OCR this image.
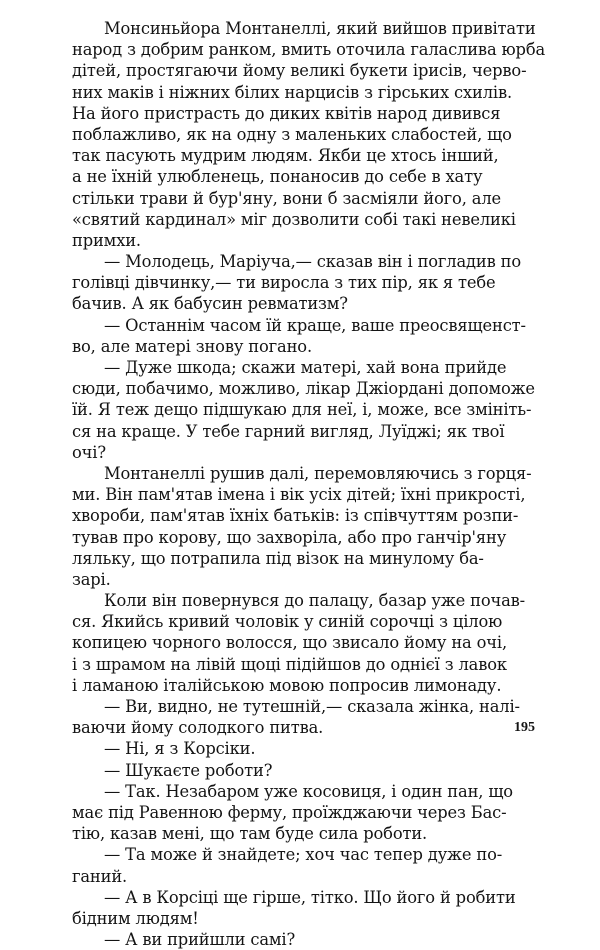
Монсиньйора Монтанеллі, який вийшов привітати
народ з добрим ранком, вмить оточила галаслива юрба
дітей, простягаючи йому великі букети ірисів, черво-
них маків і ніжних білих нарцисів з гірських схилів.
На його пристрасть до диких квітів народ дивився
поблажливо, як на одну з маленьких слабостей, що
так пасують мудрим людям. Якби це хтось інший,
а не їхній улюбленець, понаносив до себе в хату
стільки трави й бур'яну, вони б засміяли його, але
«святий кардинал» міг дозволити собі такі невеликі
примхи.
— Молодець, Маріуча,— сказав він і погладив по
голівці дівчинку,— ти виросла з тих пір, як я тебе
бачив. А як бабусин ревматизм?
— Останнім часом їй краще, ваше преосвященст-
во, але матері знову погано.
— Дуже шкода; скажи матері, хай вона прийде
сюди, побачимо, можливо, лікар Джіордані допоможе
їй. Я теж дещо підшукаю для неї, і, може, все змініть-
ся на краще. У тебе гарний вигляд, Луїджі; як твої
очі?
Монтанеллі рушив далі, перемовляючись з горця-
ми. Він пам'ятав імена і вік усіх дітей; їхні прикрості,
хвороби, пам'ятав їхніх батьків: із співчуттям розпи-
тував про корову, що захворіла, або про ганчір'яну
ляльку, що потрапила під візок на минулому ба-
зарі.
Коли він повернувся до палацу, базар уже почав-
ся. Якийсь кривий чоловік у синій сорочці з цілою
копицею чорного волосся, що звисало йому на очі,
і з шрамом на лівій щоці підійшов до однієї з лавок
і ламаною італійською мовою попросив лимонаду.
— Ви, видно, не тутешній,— сказала жінка, налі-
ваючи йому солодкого питва.
— Ні, я з Корсіки.
— Шукаєте роботи?
— Так. Незабаром уже косовиця, і один пан, що
має під Равенною ферму, проїжджаючи через Бас-
тію, казав мені, що там буде сила роботи.
— Та може й знайдете; хоч час тепер дуже по-
ганий.
— А в Корсіці ще гірше, тітко. Що його й робити
бідним людям!
— А ви прийшли самі?
195
